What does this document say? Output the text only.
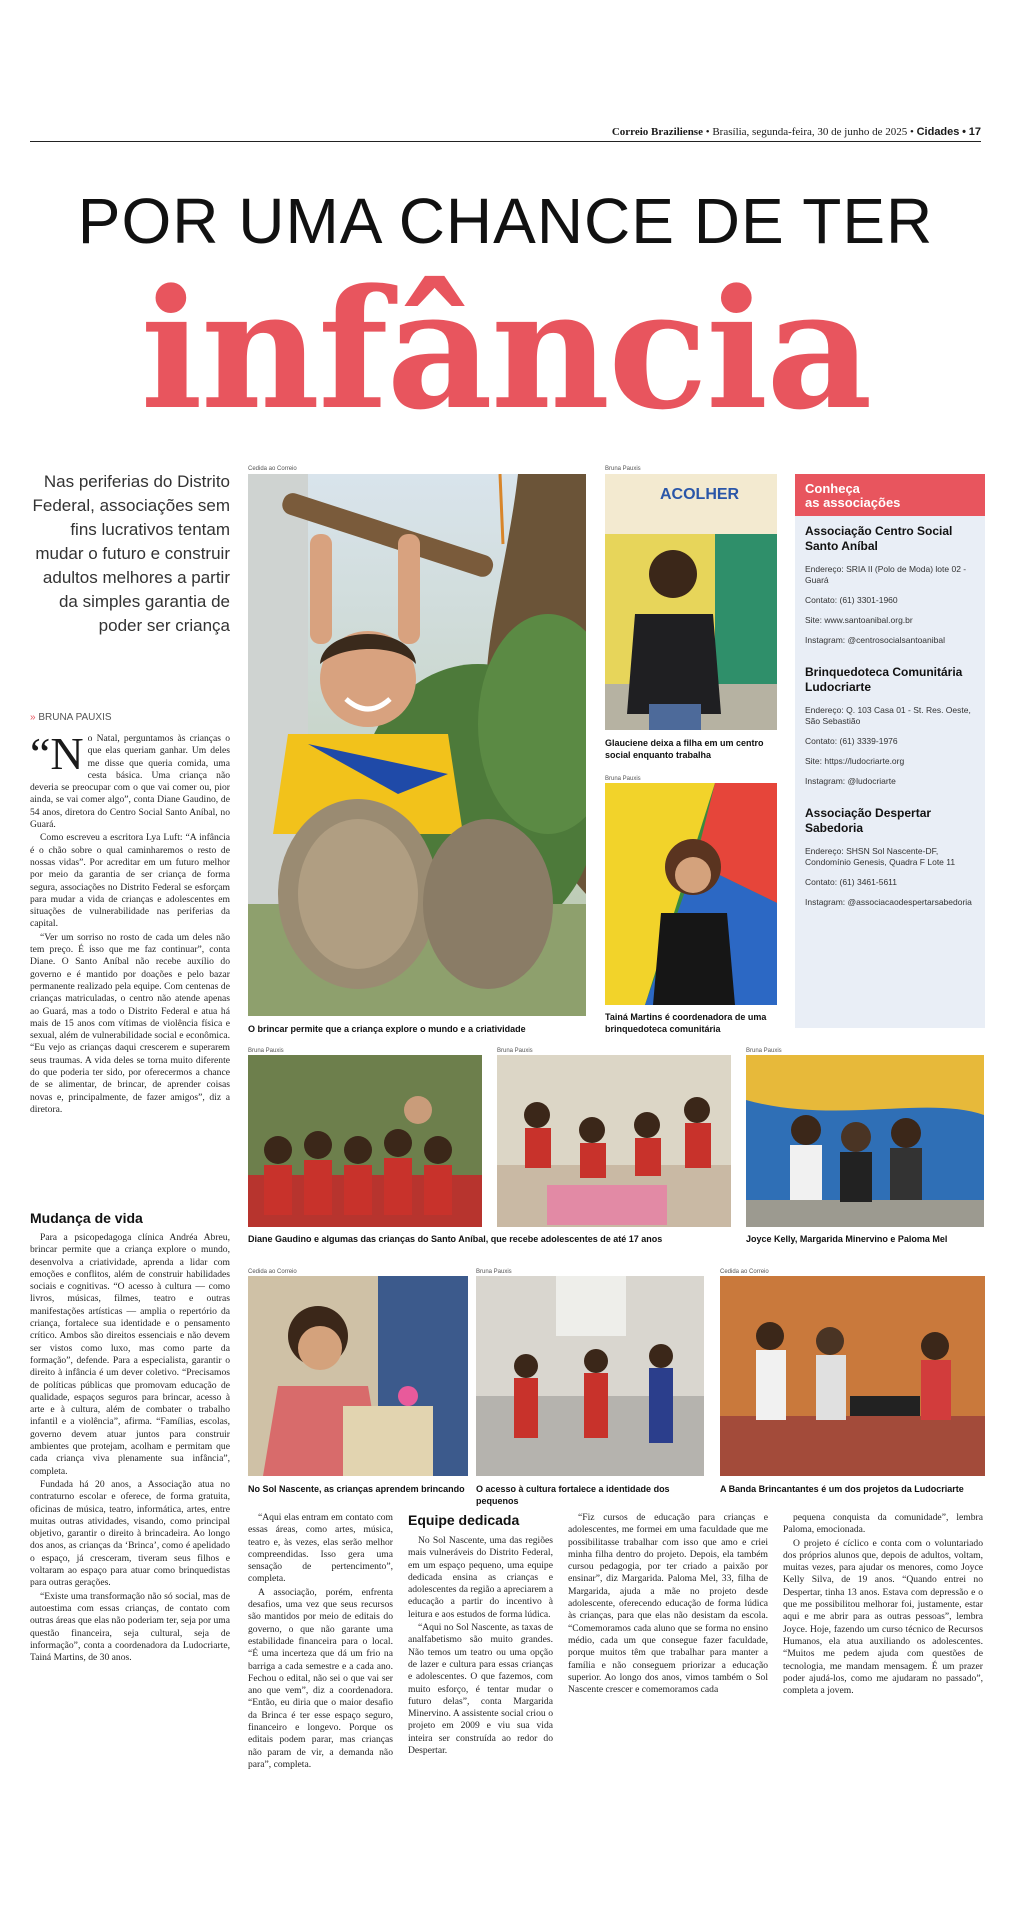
Correio Braziliense • Brasília, segunda-feira, 30 de junho de 2025 • Cidades • 17
POR UMA CHANCE DE TER
infância
Nas periferias do Distrito Federal, associações sem fins lucrativos tentam mudar o futuro e construir adultos melhores a partir da simples garantia de poder ser criança
» BRUNA PAUXIS
“N o Natal, perguntamos às crianças o que elas queriam ganhar. Um deles me disse que queria comida, uma cesta básica. Uma criança não deveria se preocupar com o que vai comer ou, pior ainda, se vai comer algo”, conta Diane Gaudino, de 54 anos, diretora do Centro Social Santo Aníbal, no Guará.

Como escreveu a escritora Lya Luft: “A infância é o chão sobre o qual caminharemos o resto de nossas vidas”. Por acreditar em um futuro melhor por meio da garantia de ser criança de forma segura, associações no Distrito Federal se esforçam para mudar a vida de crianças e adolescentes em situações de vulnerabilidade nas periferias da capital.

“Ver um sorriso no rosto de cada um deles não tem preço. É isso que me faz continuar”, conta Diane. O Santo Aníbal não recebe auxílio do governo e é mantido por doações e pelo bazar permanente realizado pela equipe. Com centenas de crianças matriculadas, o centro não atende apenas ao Guará, mas a todo o Distrito Federal e atua há mais de 15 anos com vítimas de violência física e sexual, além de vulnerabilidade social e econômica. “Eu vejo as crianças daqui crescerem e superarem seus traumas. A vida deles se torna muito diferente do que poderia ter sido, por oferecermos a chance de se alimentar, de brincar, de aprender coisas novas e, principalmente, de fazer amigos”, diz a diretora.

Mudança de vida

Para a psicopedagoga clínica Andréa Abreu, brincar permite que a criança explore o mundo, desenvolva a criatividade, aprenda a lidar com emoções e conflitos, além de construir habilidades sociais e cognitivas. “O acesso à cultura — como livros, músicas, filmes, teatro e outras manifestações artísticas — amplia o repertório da criança, fortalece sua identidade e o pensamento crítico. Ambos são direitos essenciais e não devem ser vistos como luxo, mas como parte da formação”, defende. Para a especialista, garantir o direito à infância é um dever coletivo. “Precisamos de políticas públicas que promovam educação de qualidade, espaços seguros para brincar, acesso à arte e à cultura, além de combater o trabalho infantil e a violência”, afirma. “Famílias, escolas, governo devem atuar juntos para construir ambientes que protejam, acolham e permitam que cada criança viva plenamente sua infância”, completa.

Fundada há 20 anos, a Associação atua no contraturno escolar e oferece, de forma gratuita, oficinas de música, teatro, informática, artes, entre muitas outras atividades, visando, como principal objetivo, garantir o direito à brincadeira. Ao longo dos anos, as crianças da ‘Brinca’, como é apelidado o espaço, já cresceram, tiveram seus filhos e voltaram ao espaço para atuar como brinquedistas para outras gerações.

“Existe uma transformação não só social, mas de autoestima com essas crianças, de contato com outras áreas que elas não poderiam ter, seja por uma questão financeira, seja cultural, seja de informação”, conta a coordenadora da Ludocriarte, Tainá Martins, de 30 anos.

Cedida ao Correio
O brincar permite que a criança explore o mundo e a criatividade
Bruna Pauxis
ACOLHER
Glauciene deixa a filha em um centro social enquanto trabalha
Bruna Pauxis
Tainá Martins é coordenadora de uma brinquedoteca comunitária
Conheça
as associações
Associação Centro Social Santo Aníbal
Endereço: SRIA II (Polo de Moda) lote 02 - Guará
Contato: (61) 3301-1960
Site: www.santoanibal.org.br
Instagram: @centrosocialsantoanibal
Brinquedoteca Comunitária Ludocriarte
Endereço: Q. 103 Casa 01 - St. Res. Oeste, São Sebastião
Contato: (61) 3339-1976
Site: https://ludocriarte.org
Instagram: @ludocriarte
Associação Despertar Sabedoria
Endereço: SHSN Sol Nascente-DF, Condomínio Genesis, Quadra F Lote 11
Contato: (61) 3461-5611
Instagram: @associacaodespertarsabedoria
Bruna Pauxis	Bruna Pauxis	Bruna Pauxis
Diane Gaudino e algumas das crianças do Santo Aníbal, que recebe adolescentes de até 17 anos	Joyce Kelly, Margarida Minervino e Paloma Mel
Cedida ao Correio
No Sol Nascente, as crianças aprendem brincando
Bruna Pauxis
O acesso à cultura fortalece a identidade dos pequenos
Cedida ao Correio
A Banda Brincantantes é um dos projetos da Ludocriarte

“Aqui elas entram em contato com essas áreas, como artes, música, teatro e, às vezes, elas serão melhor compreendidas. Isso gera uma sensação de pertencimento”, completa.

A associação, porém, enfrenta desafios, uma vez que seus recursos são mantidos por meio de editais do governo, o que não garante uma estabilidade financeira para o local. “É uma incerteza que dá um frio na barriga a cada semestre e a cada ano. Fechou o edital, não sei o que vai ser ano que vem”, diz a coordenadora. “Então, eu diria que o maior desafio da Brinca é ter esse espaço seguro, financeiro e longevo. Porque os editais podem parar, mas crianças não param de vir, a demanda não para”, completa.

Equipe dedicada

No Sol Nascente, uma das regiões mais vulneráveis do Distrito Federal, em um espaço pequeno, uma equipe dedicada ensina as crianças e adolescentes da região a apreciarem a educação a partir do incentivo à leitura e aos estudos de forma lúdica.

“Aqui no Sol Nascente, as taxas de analfabetismo são muito grandes. Não temos um teatro ou uma opção de lazer e cultura para essas crianças e adolescentes. O que fazemos, com muito esforço, é tentar mudar o futuro delas”, conta Margarida Minervino. A assistente social criou o projeto em 2009 e viu sua vida inteira ser construída ao redor do Despertar.

“Fiz cursos de educação para crianças e adolescentes, me formei em uma faculdade que me possibilitasse trabalhar com isso que amo e criei minha filha dentro do projeto. Depois, ela também cursou pedagogia, por ter criado a paixão por ensinar”, diz Margarida. Paloma Mel, 33, filha de Margarida, ajuda a mãe no projeto desde adolescente, oferecendo educação de forma lúdica às crianças, para que elas não desistam da escola. “Comemoramos cada aluno que se forma no ensino médio, cada um que consegue fazer faculdade, porque muitos têm que trabalhar para manter a família e não conseguem priorizar a educação superior. Ao longo dos anos, vimos também o Sol Nascente crescer e comemoramos cada

pequena conquista da comunidade”, lembra Paloma, emocionada.

O projeto é cíclico e conta com o voluntariado dos próprios alunos que, depois de adultos, voltam, muitas vezes, para ajudar os menores, como Joyce Kelly Silva, de 19 anos. “Quando entrei no Despertar, tinha 13 anos. Estava com depressão e o que me possibilitou melhorar foi, justamente, estar aqui e me abrir para as outras pessoas”, lembra Joyce. Hoje, fazendo um curso técnico de Recursos Humanos, ela atua auxiliando os adolescentes. “Muitos me pedem ajuda com questões de tecnologia, me mandam mensagem. É um prazer poder ajudá-los, como me ajudaram no passado”, completa a jovem.
